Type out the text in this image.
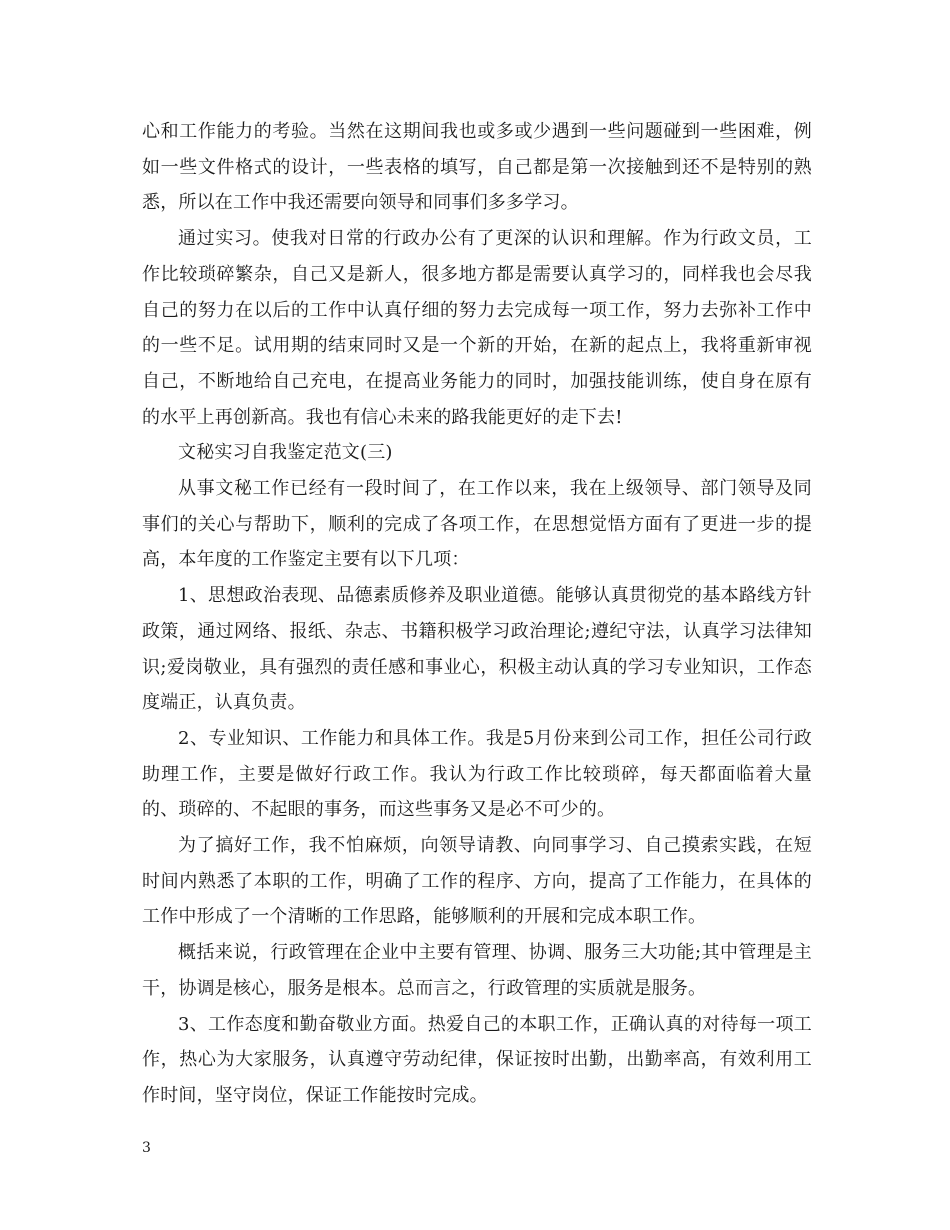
心和工作能力的考验。当然在这期间我也或多或少遇到一些问题碰到一些困难，例如一些文件格式的设计，一些表格的填写，自己都是第一次接触到还不是特别的熟悉，所以在工作中我还需要向领导和同事们多多学习。

通过实习。使我对日常的行政办公有了更深的认识和理解。作为行政文员，工作比较琐碎繁杂，自己又是新人，很多地方都是需要认真学习的，同样我也会尽我自己的努力在以后的工作中认真仔细的努力去完成每一项工作，努力去弥补工作中的一些不足。试用期的结束同时又是一个新的开始，在新的起点上，我将重新审视自己，不断地给自己充电，在提高业务能力的同时，加强技能训练，使自身在原有的水平上再创新高。我也有信心未来的路我能更好的走下去!

文秘实习自我鉴定范文(三)

从事文秘工作已经有一段时间了，在工作以来，我在上级领导、部门领导及同事们的关心与帮助下，顺利的完成了各项工作，在思想觉悟方面有了更进一步的提高，本年度的工作鉴定主要有以下几项：

1、思想政治表现、品德素质修养及职业道德。能够认真贯彻党的基本路线方针政策，通过网络、报纸、杂志、书籍积极学习政治理论;遵纪守法，认真学习法律知识;爱岗敬业，具有强烈的责任感和事业心，积极主动认真的学习专业知识，工作态度端正，认真负责。

2、专业知识、工作能力和具体工作。我是5月份来到公司工作，担任公司行政助理工作，主要是做好行政工作。我认为行政工作比较琐碎，每天都面临着大量的、琐碎的、不起眼的事务，而这些事务又是必不可少的。

为了搞好工作，我不怕麻烦，向领导请教、向同事学习、自己摸索实践，在短时间内熟悉了本职的工作，明确了工作的程序、方向，提高了工作能力，在具体的工作中形成了一个清晰的工作思路，能够顺利的开展和完成本职工作。

概括来说，行政管理在企业中主要有管理、协调、服务三大功能;其中管理是主干，协调是核心，服务是根本。总而言之，行政管理的实质就是服务。

3、工作态度和勤奋敬业方面。热爱自己的本职工作，正确认真的对待每一项工作，热心为大家服务，认真遵守劳动纪律，保证按时出勤，出勤率高，有效利用工作时间，坚守岗位，保证工作能按时完成。

3
